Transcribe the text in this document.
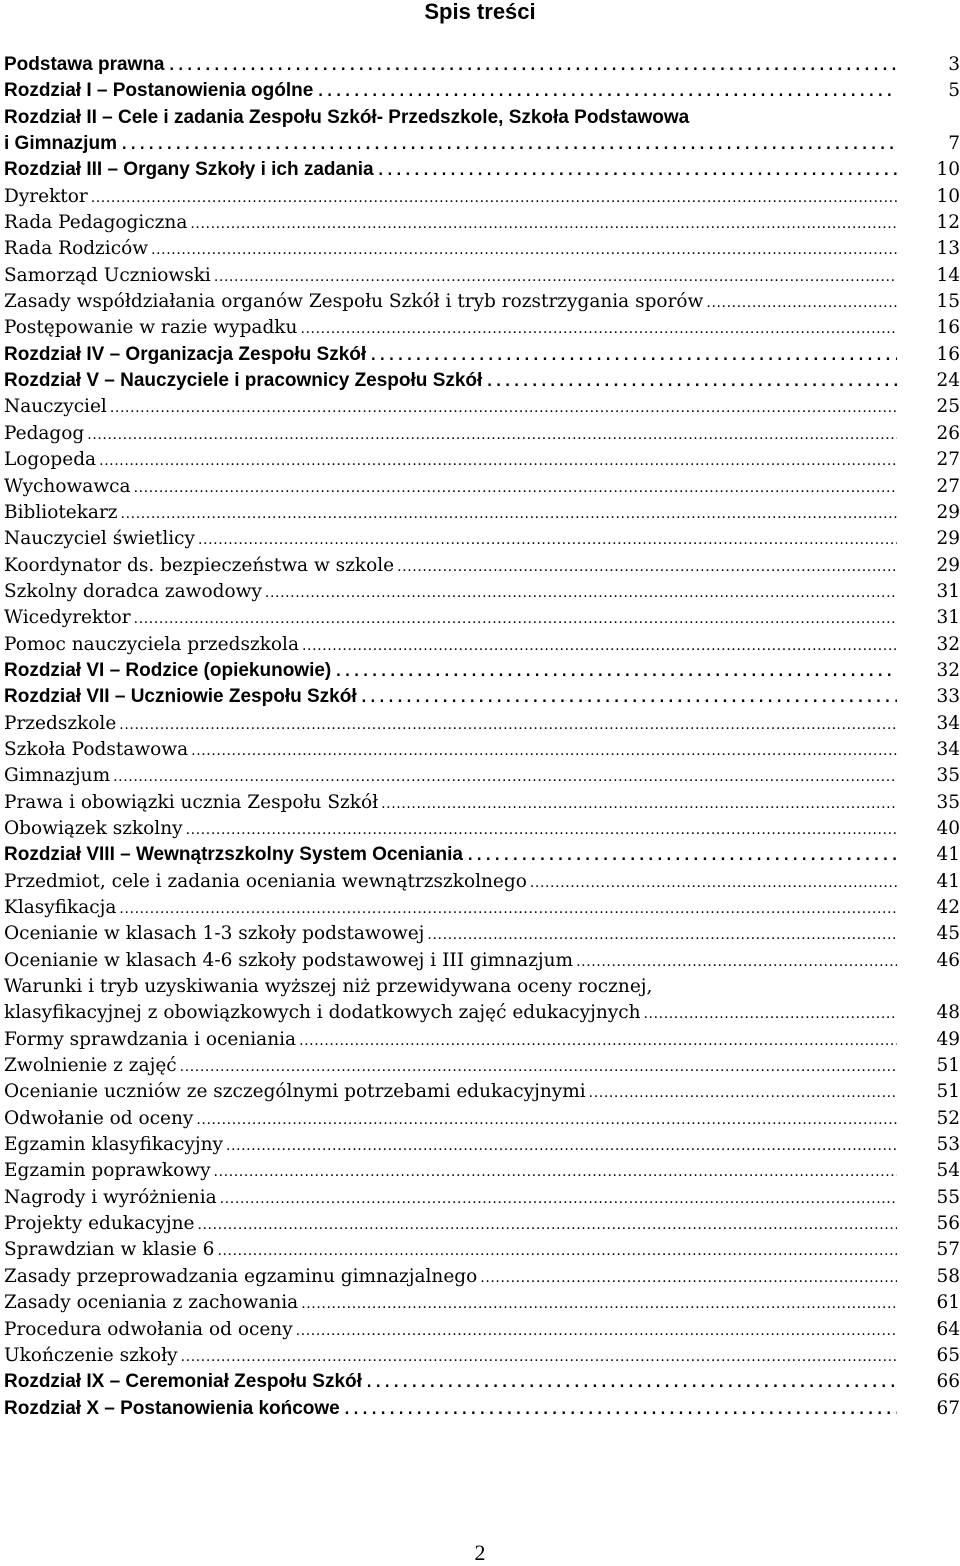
Spis treści
Podstawa prawna .....	3
Rozdział I – Postanowienia ogólne .....	5
Rozdział II – Cele i zadania Zespołu Szkół- Przedszkole, Szkoła Podstawowa
i Gimnazjum .....	7
Rozdział III – Organy Szkoły i ich zadania .....	10
Dyrektor .....	10
Rada Pedagogiczna .....	12
Rada Rodziców .....	13
Samorząd Uczniowski .....	14
Zasady współdziałania organów Zespołu Szkół i tryb rozstrzygania sporów .....	15
Postępowanie w razie wypadku .....	16
Rozdział IV – Organizacja Zespołu Szkół .....	16
Rozdział V – Nauczyciele i pracownicy Zespołu Szkół .....	24
Nauczyciel .....	25
Pedagog .....	26
Logopeda .....	27
Wychowawca .....	27
Bibliotekarz .....	29
Nauczyciel świetlicy .....	29
Koordynator ds. bezpieczeństwa w szkole .....	29
Szkolny doradca zawodowy .....	31
Wicedyrektor .....	31
Pomoc nauczyciela przedszkola .....	32
Rozdział VI – Rodzice (opiekunowie) .....	32
Rozdział VII – Uczniowie Zespołu Szkół .....	33
Przedszkole .....	34
Szkoła Podstawowa .....	34
Gimnazjum .....	35
Prawa i obowiązki ucznia Zespołu Szkół .....	35
Obowiązek szkolny .....	40
Rozdział VIII – Wewnątrzszkolny System Oceniania .....	41
Przedmiot, cele i zadania oceniania wewnątrzszkolnego .....	41
Klasyfikacja .....	42
Ocenianie w klasach 1-3 szkoły podstawowej .....	45
Ocenianie w klasach 4-6 szkoły podstawowej i III gimnazjum .....	46
Warunki i tryb uzyskiwania wyższej niż przewidywana oceny rocznej,
klasyfikacyjnej z obowiązkowych i dodatkowych zajęć edukacyjnych .....	48
Formy sprawdzania i oceniania .....	49
Zwolnienie z zajęć .....	51
Ocenianie uczniów ze szczególnymi potrzebami edukacyjnymi .....	51
Odwołanie od oceny .....	52
Egzamin klasyfikacyjny .....	53
Egzamin poprawkowy .....	54
Nagrody i wyróżnienia .....	55
Projekty edukacyjne .....	56
Sprawdzian w klasie 6 .....	57
Zasady przeprowadzania egzaminu gimnazjalnego .....	58
Zasady oceniania z zachowania .....	61
Procedura odwołania od oceny .....	64
Ukończenie szkoły .....	65
Rozdział IX – Ceremoniał Zespołu Szkół .....	66
Rozdział X – Postanowienia końcowe .....	67
2
